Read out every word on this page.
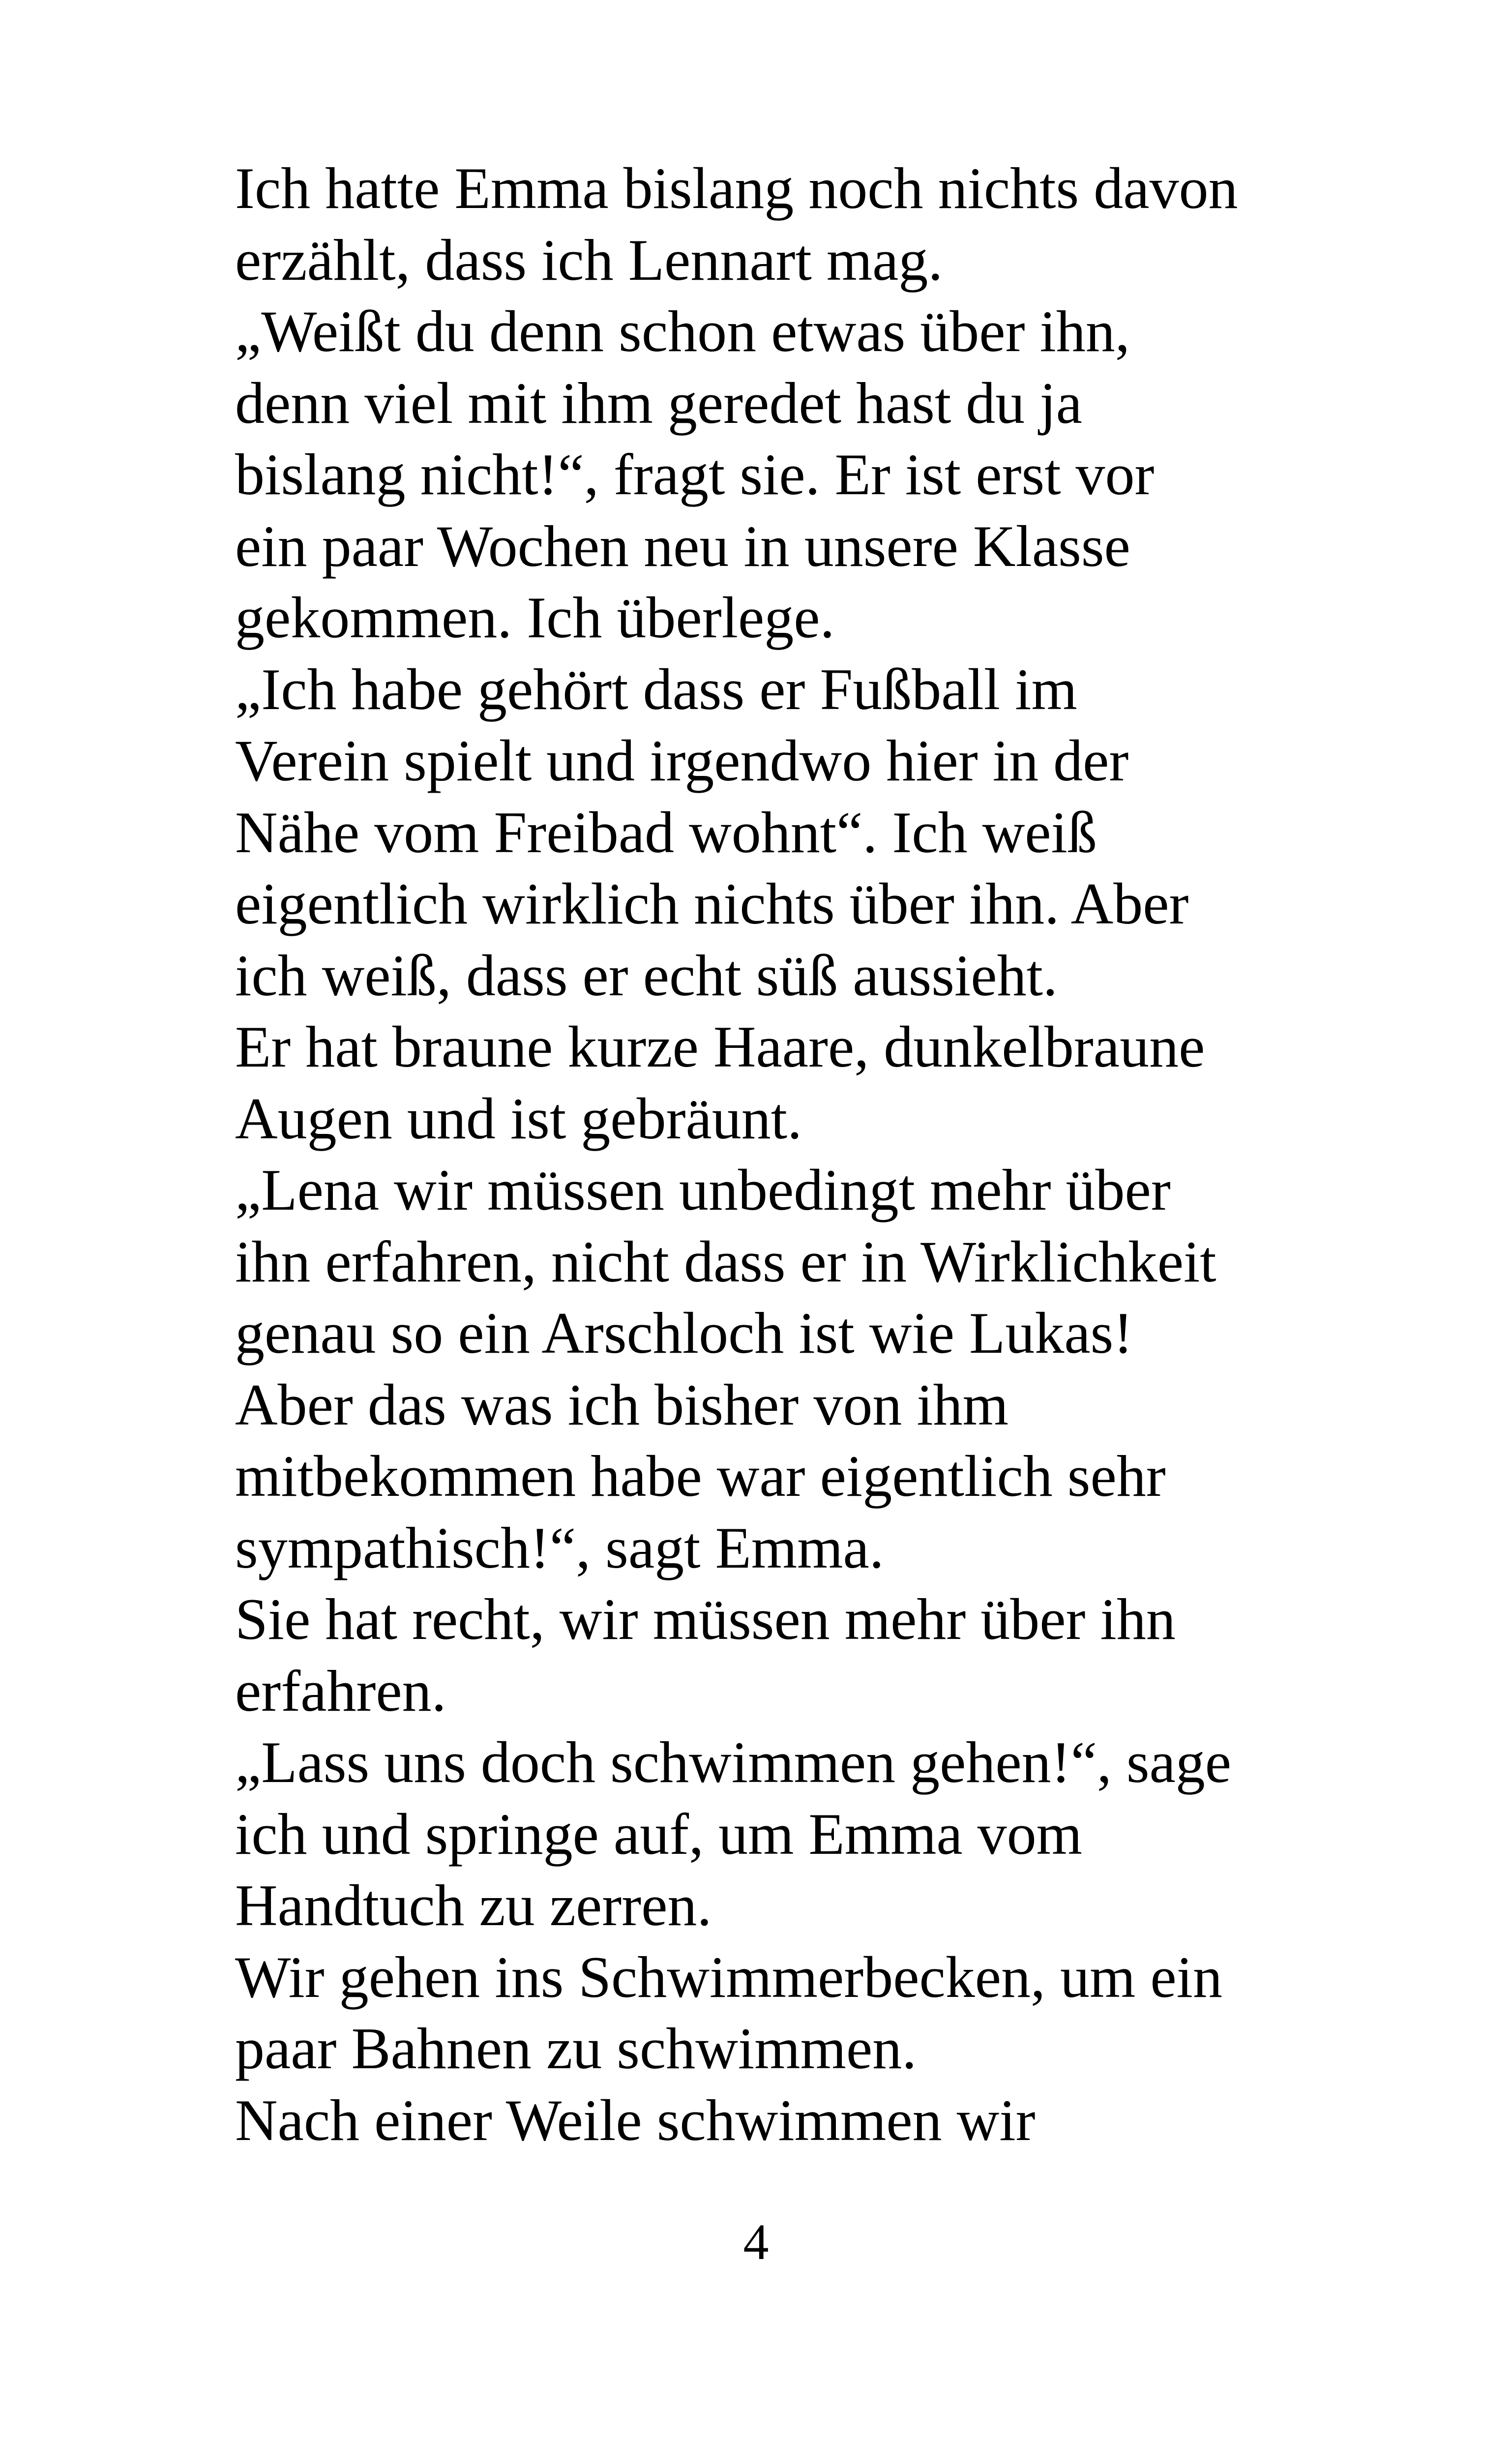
Ich hatte Emma bislang noch nichts davon
erzählt, dass ich Lennart mag.
„Weißt du denn schon etwas über ihn,
denn viel mit ihm geredet hast du ja
bislang nicht!“, fragt sie. Er ist erst vor
ein paar Wochen neu in unsere Klasse
gekommen. Ich überlege.
„Ich habe gehört dass er Fußball im
Verein spielt und irgendwo hier in der
Nähe vom Freibad wohnt“. Ich weiß
eigentlich wirklich nichts über ihn. Aber
ich weiß, dass er echt süß aussieht.
Er hat braune kurze Haare, dunkelbraune
Augen und ist gebräunt.
„Lena wir müssen unbedingt mehr über
ihn erfahren, nicht dass er in Wirklichkeit
genau so ein Arschloch ist wie Lukas!
Aber das was ich bisher von ihm
mitbekommen habe war eigentlich sehr
sympathisch!“, sagt Emma.
Sie hat recht, wir müssen mehr über ihn
erfahren.
„Lass uns doch schwimmen gehen!“, sage
ich und springe auf, um Emma vom
Handtuch zu zerren.
Wir gehen ins Schwimmerbecken, um ein
paar Bahnen zu schwimmen.
Nach einer Weile schwimmen wir
4
